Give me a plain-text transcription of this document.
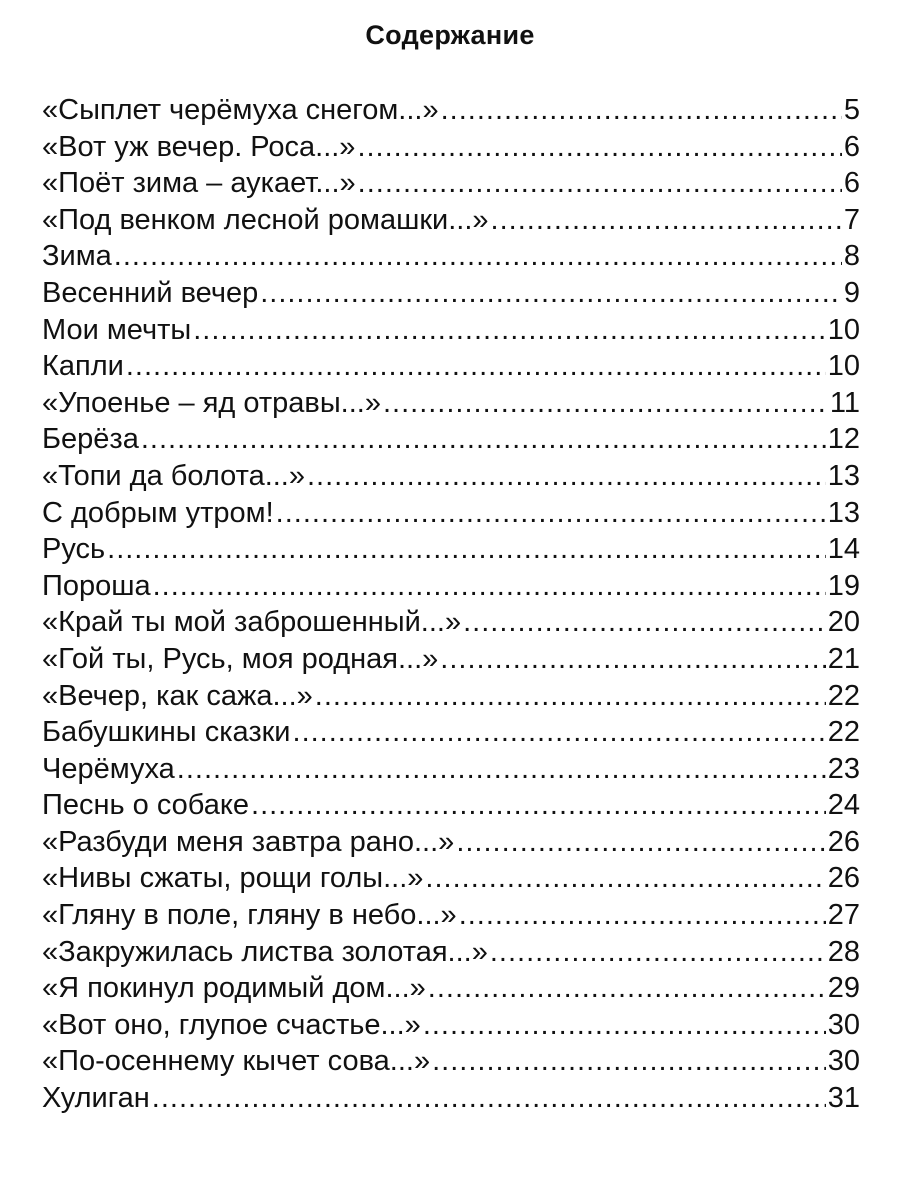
Содержание
«Сыплет черёмуха снегом...» .....	5
«Вот уж вечер. Роса...» .....	6
«Поёт зима – аукает...» .....	6
«Под венком лесной ромашки...» .....	7
Зима .....	8
Весенний вечер .....	9
Мои мечты .....	10
Капли .....	10
«Упоенье – яд отравы...» .....	11
Берёза .....	12
«Топи да болота...» .....	13
С добрым утром! .....	13
Русь .....	14
Пороша .....	19
«Край ты мой заброшенный...» .....	20
«Гой ты, Русь, моя родная...» .....	21
«Вечер, как сажа...» .....	22
Бабушкины сказки .....	22
Черёмуха .....	23
Песнь о собаке .....	24
«Разбуди меня завтра рано...» .....	26
«Нивы сжаты, рощи голы...» .....	26
«Гляну в поле, гляну в небо...» .....	27
«Закружилась листва золотая...» .....	28
«Я покинул родимый дом...» .....	29
«Вот оно, глупое счастье...» .....	30
«По-осеннему кычет сова...» .....	30
Хулиган .....	31
